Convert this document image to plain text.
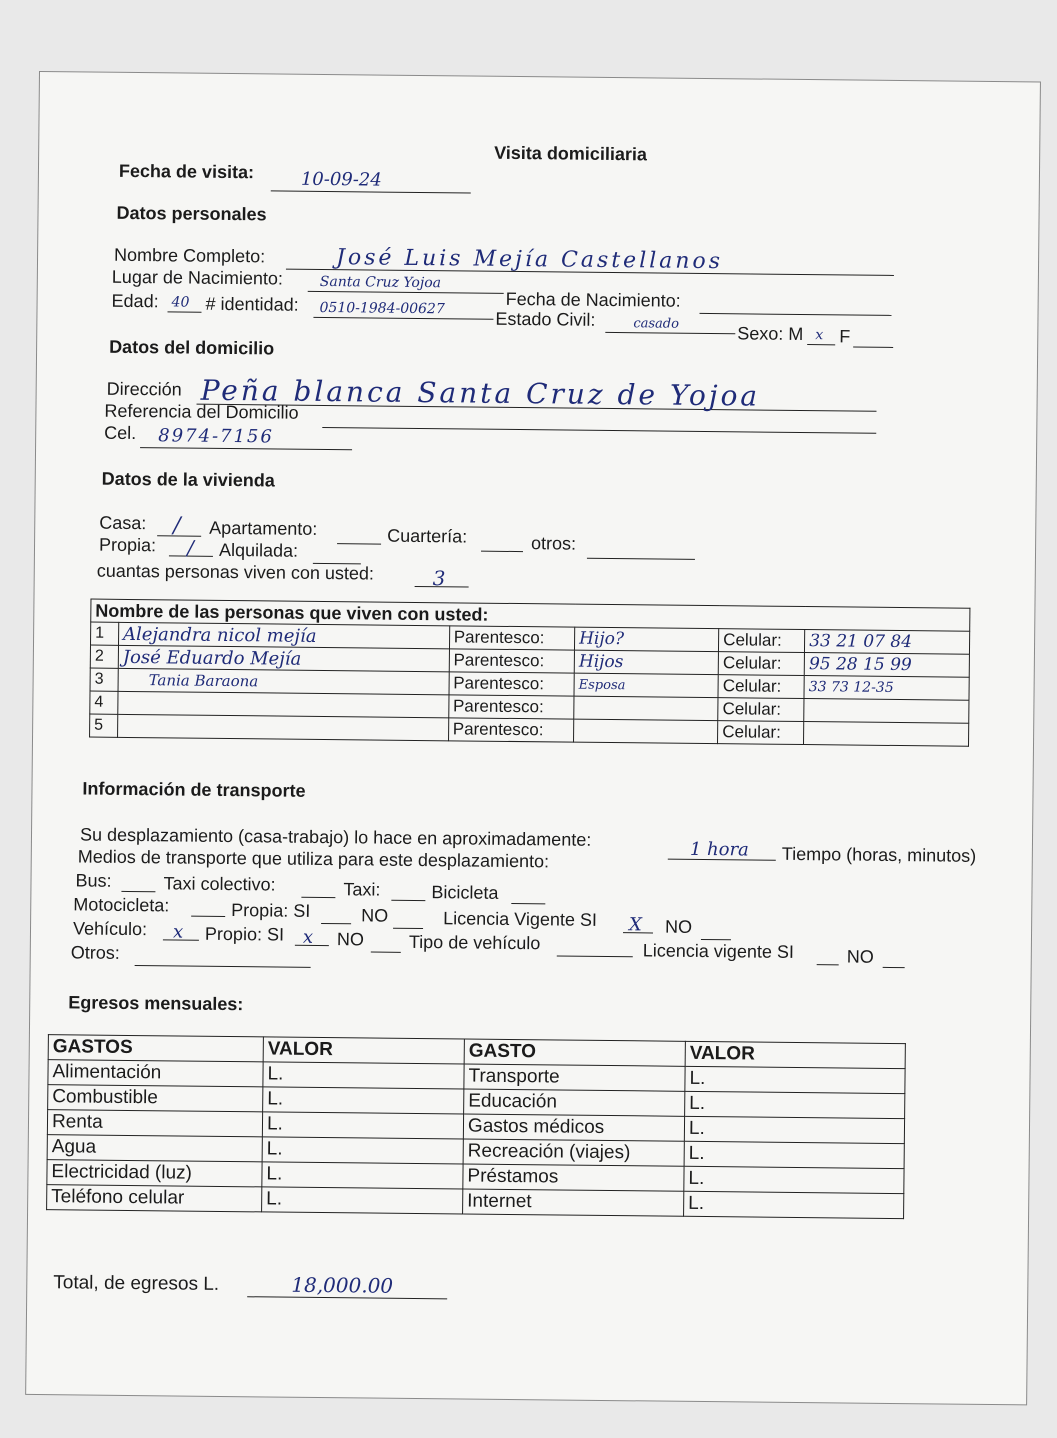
Visita domiciliaria
Fecha de visita:	10-09-24
Datos personales
Nombre Completo:	José Luis Mejía Castellanos
Lugar de Nacimiento:	Santa Cruz Yojoa
Fecha de Nacimiento:
Edad: 40 # identidad:	0510-1984-00627
Estado Civil:	casado	Sexo: M x F
Datos del domicilio
Dirección Peña blanca Santa Cruz de Yojoa
Referencia del Domicilio
Cel.	8974-7156
Datos de la vivienda
Casa:	/	Apartamento:	Cuartería:	otros:
Propia:	/	Alquilada:
cuantas personas viven con usted:	3
Nombre de las personas que viven con usted:					
1	Alejandra nicol mejía	Parentesco:	Hijo?	Celular:	33 21 07 84
2	José Eduardo Mejía	Parentesco:	Hijos	Celular:	95 28 15 99
3	Tania Baraona	Parentesco:	Esposa	Celular:	33 73 12-35
4		Parentesco:		Celular:	
5		Parentesco:		Celular:	
Información de transporte
Su desplazamiento (casa-trabajo) lo hace en aproximadamente:	1 hora	Tiempo (horas, minutos)
Medios de transporte que utiliza para este desplazamiento:
Bus:	Taxi colectivo:	Taxi:	Bicicleta
Motocicleta:	Propia: SI	NO	Licencia Vigente SI	X	NO
Vehículo:	x	Propio: SI	x	NO Tipo de vehículo	Licencia vigente SI	NO
Otros:
Egresos mensuales:
GASTOS	VALOR	GASTO	VALOR
Alimentación	L.	Transporte	L.
Combustible	L.	Educación	L.
Renta	L.	Gastos médicos	L.
Agua	L.	Recreación (viajes)	L.
Electricidad (luz)	L.	Préstamos	L.
Teléfono celular	L.	Internet	L.
Total, de egresos L.	18,000.00
